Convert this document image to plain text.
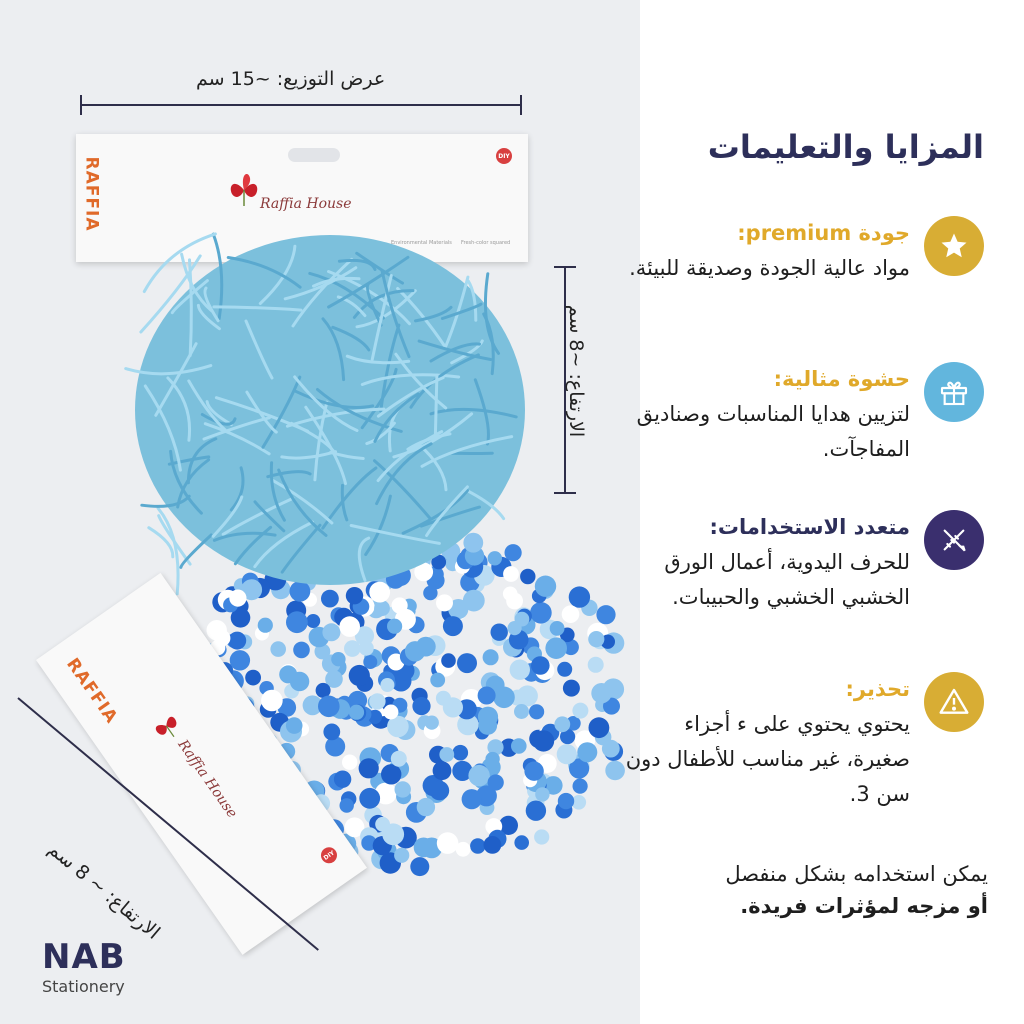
عرض التوزيع: ~15 سم
RAFFIA	Raffia House
DIY
Environmental Materials Fresh-color squared
الارتفاع: ~8 سم
RAFFIA
Raffia House
DIY
الارتفاع: ~ 8 سم
NAB
Stationery
المزايا والتعليمات
جودة premium:
مواد عالية الجودة وصديقة للبيئة.
حشوة مثالية:
لتزيين هدايا المناسبات وصناديق المفاجآت.
متعدد الاستخدامات:
للحرف اليدوية، أعمال الورق الخشبي الخشبي والحبيبات.
تحذير:
يحتوي يحتوي على ء أجزاء صغيرة، غير مناسب للأطفال دون سن 3.
يمكن استخدامه بشكل منفصل
أو مزجه لمؤثرات فريدة.
